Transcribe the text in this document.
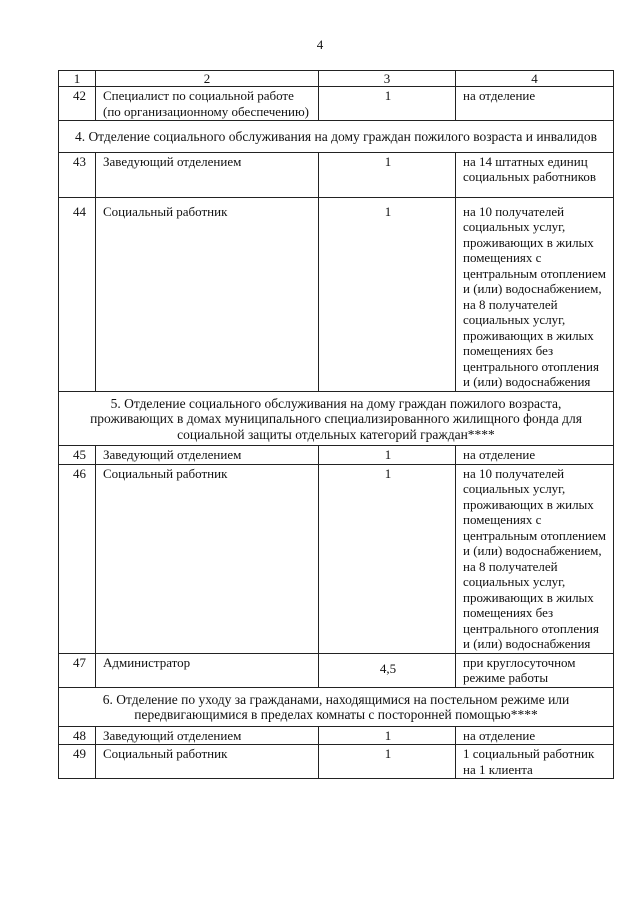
4
1	2	3	4
42	Специалист по социальной работе (по организационному обеспечению)	1	на отделение
4. Отделение социального обслуживания на дому граждан пожилого возраста и инвалидов			
43	Заведующий отделением	1	на 14 штатных единиц социальных работников
44	Социальный работник	1	на 10 получателей социальных услуг, проживающих в жилых помещениях с центральным отоплением и (или) водоснабжением, на 8 получателей социальных услуг, проживающих в жилых помещениях без центрального отопления и (или) водоснабжения
5. Отделение социального обслуживания на дому граждан пожилого возраста, проживающих в домах муниципального специализированного жилищного фонда для социальной защиты отдельных категорий граждан****			
45	Заведующий отделением	1	на отделение
46	Социальный работник	1	на 10 получателей социальных услуг, проживающих в жилых помещениях с центральным отоплением и (или) водоснабжением, на 8 получателей социальных услуг, проживающих в жилых помещениях без центрального отопления и (или) водоснабжения
47	Администратор	4,5	при круглосуточном режиме работы
6. Отделение по уходу за гражданами, находящимися на постельном режиме или передвигающимися в пределах комнаты с посторонней помощью****			
48	Заведующий отделением	1	на отделение
49	Социальный работник	1	1 социальный работник на 1 клиента
